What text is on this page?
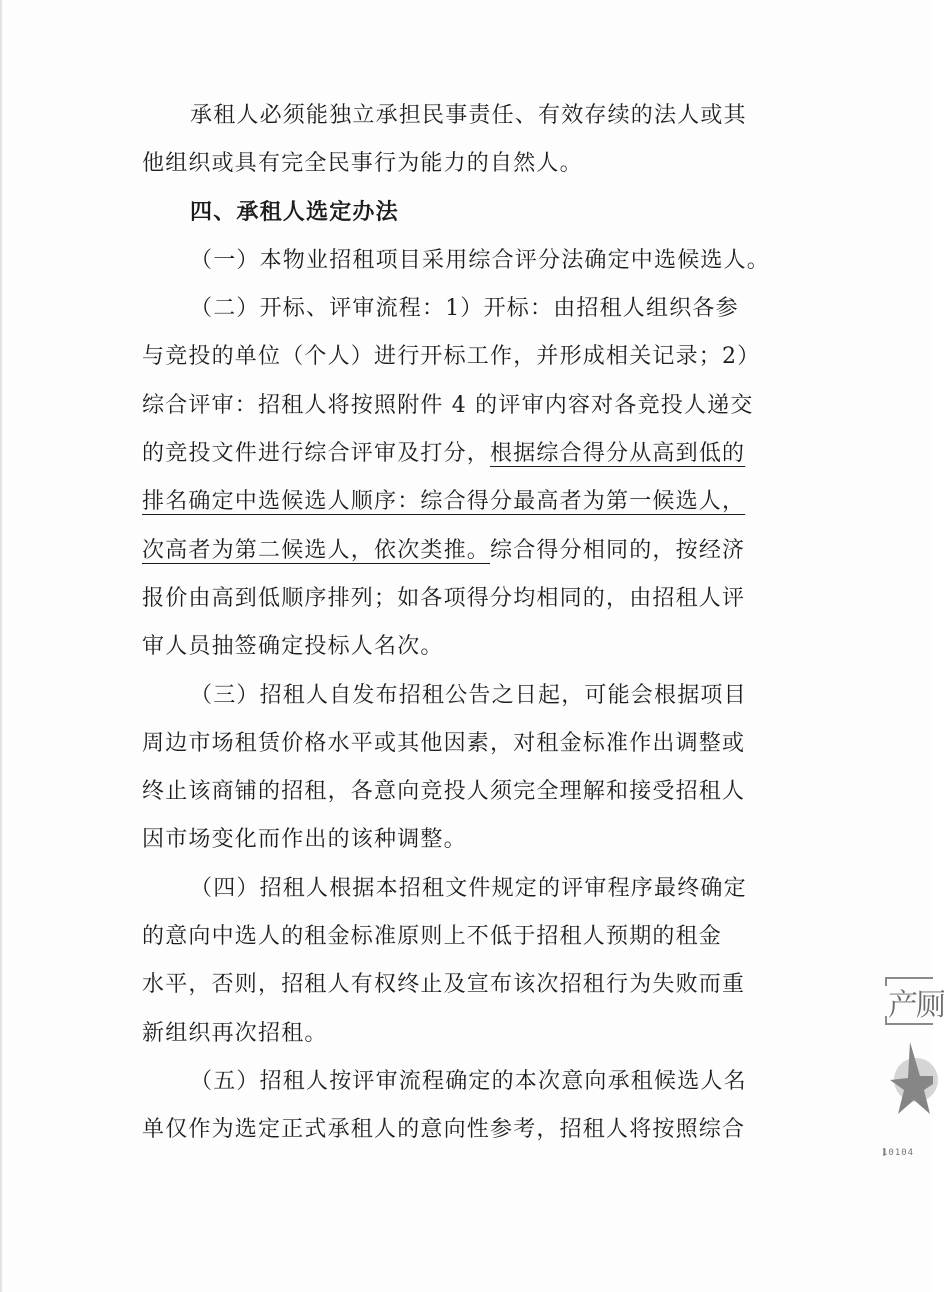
承租人必须能独立承担民事责任、有效存续的法人或其
他组织或具有完全民事行为能力的自然人。
四、承租人选定办法
（一）本物业招租项目采用综合评分法确定中选候选人。
（二）开标、评审流程：1）开标：由招租人组织各参
与竞投的单位（个人）进行开标工作，并形成相关记录；2）
综合评审：招租人将按照附件 4 的评审内容对各竞投人递交
的竞投文件进行综合评审及打分，根据综合得分从高到低的
排名确定中选候选人顺序：综合得分最高者为第一候选人，
次高者为第二候选人，依次类推。综合得分相同的，按经济
报价由高到低顺序排列；如各项得分均相同的，由招租人评
审人员抽签确定投标人名次。
（三）招租人自发布招租公告之日起，可能会根据项目
周边市场租赁价格水平或其他因素，对租金标准作出调整或
终止该商铺的招租，各意向竞投人须完全理解和接受招租人
因市场变化而作出的该种调整。
（四）招租人根据本招租文件规定的评审程序最终确定
的意向中选人的租金标准原则上不低于招租人预期的租金
水平，否则，招租人有权终止及宣布该次招租行为失败而重
新组织再次招租。
（五）招租人按评审流程确定的本次意向承租候选人名
单仅作为选定正式承租人的意向性参考，招租人将按照综合
产厕
10104
